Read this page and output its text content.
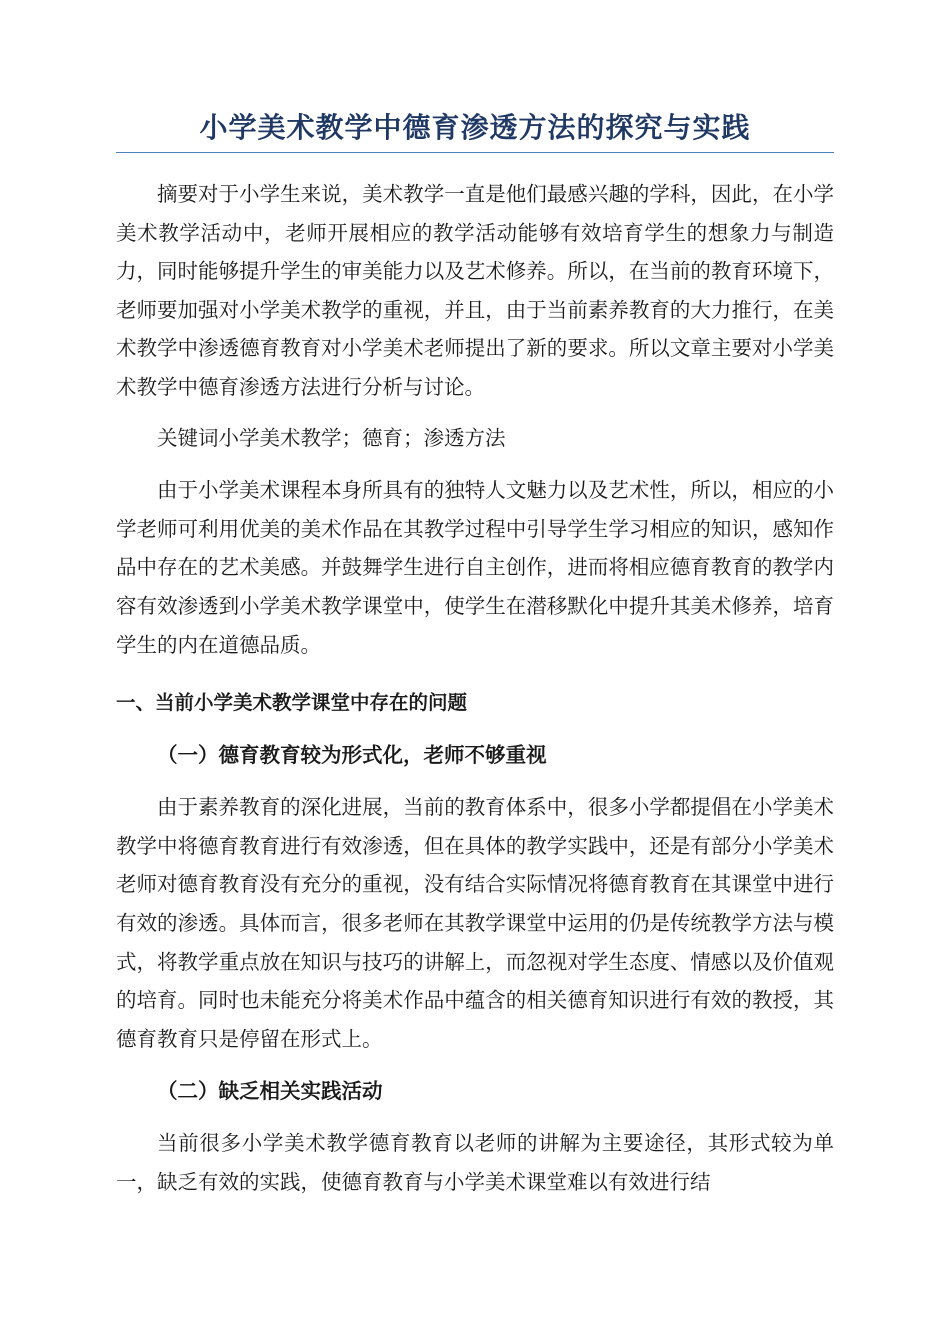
小学美术教学中德育渗透方法的探究与实践

摘要对于小学生来说，美术教学一直是他们最感兴趣的学科，因此，在小学美术教学活动中，老师开展相应的教学活动能够有效培育学生的想象力与制造力，同时能够提升学生的审美能力以及艺术修养。所以，在当前的教育环境下，老师要加强对小学美术教学的重视，并且，由于当前素养教育的大力推行，在美术教学中渗透德育教育对小学美术老师提出了新的要求。所以文章主要对小学美术教学中德育渗透方法进行分析与讨论。

关键词小学美术教学；德育；渗透方法

由于小学美术课程本身所具有的独特人文魅力以及艺术性，所以，相应的小学老师可利用优美的美术作品在其教学过程中引导学生学习相应的知识，感知作品中存在的艺术美感。并鼓舞学生进行自主创作，进而将相应德育教育的教学内容有效渗透到小学美术教学课堂中，使学生在潜移默化中提升其美术修养，培育学生的内在道德品质。

一、当前小学美术教学课堂中存在的问题
（一）德育教育较为形式化，老师不够重视

由于素养教育的深化进展，当前的教育体系中，很多小学都提倡在小学美术教学中将德育教育进行有效渗透，但在具体的教学实践中，还是有部分小学美术老师对德育教育没有充分的重视，没有结合实际情况将德育教育在其课堂中进行有效的渗透。具体而言，很多老师在其教学课堂中运用的仍是传统教学方法与模式，将教学重点放在知识与技巧的讲解上，而忽视对学生态度、情感以及价值观的培育。同时也未能充分将美术作品中蕴含的相关德育知识进行有效的教授，其德育教育只是停留在形式上。

（二）缺乏相关实践活动

当前很多小学美术教学德育教育以老师的讲解为主要途径，其形式较为单一，缺乏有效的实践，使德育教育与小学美术课堂难以有效进行结
